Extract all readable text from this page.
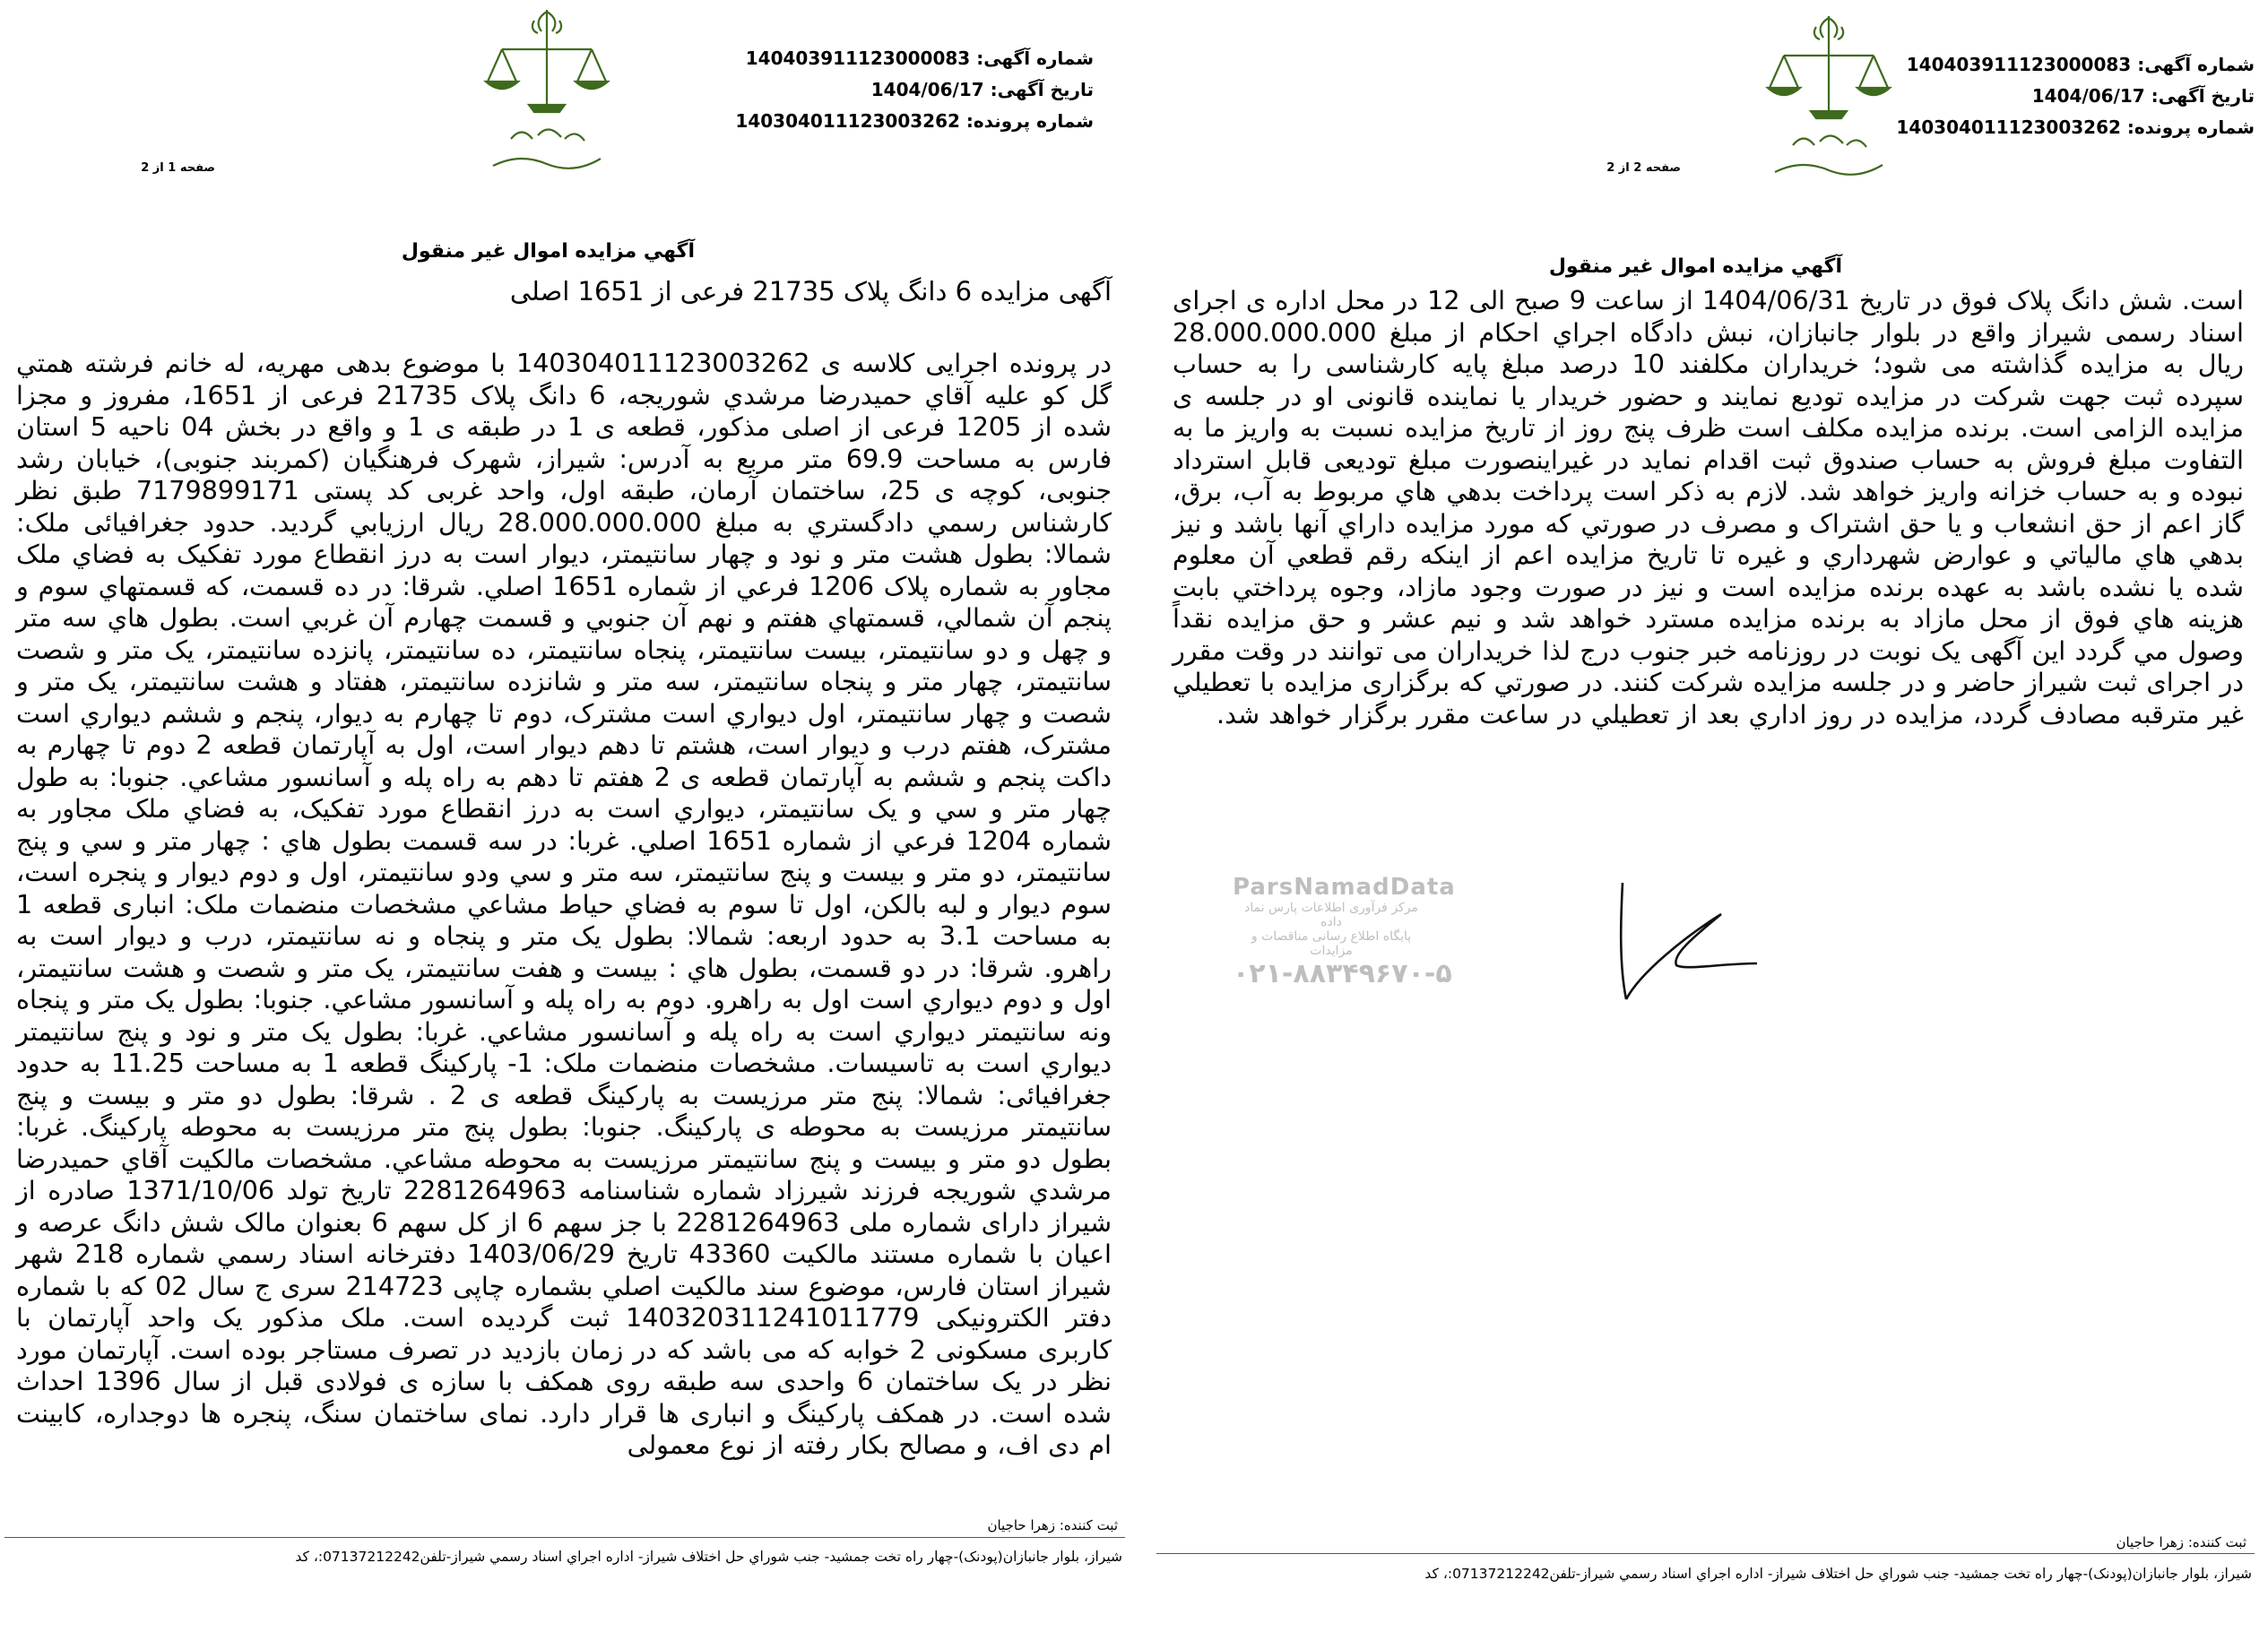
شماره آگهی: 140403911123000083
تاریخ آگهی: 1404/06/17
شماره پرونده: 140304011123003262
صفحه 2 از 2
آگهي مزايده اموال غير منقول
است. شش دانگ پلاک فوق در تاريخ 1404/06/31 از ساعت 9 صبح الی 12 در محل اداره ی اجرای اسناد رسمی شيراز واقع در بلوار جانبازان، نبش دادگاه اجراي احکام از مبلغ 28.000.000.000 ريال به مزايده گذاشته می شود؛ خريداران مکلفند 10 درصد مبلغ پايه کارشناسی را به حساب سپرده ثبت جهت شرکت در مزايده توديع نمايند و حضور خريدار يا نماينده قانونی او در جلسه ی مزايده الزامی است. برنده مزايده مکلف است ظرف پنج روز از تاريخ مزايده نسبت به واريز ما به التفاوت مبلغ فروش به حساب صندوق ثبت اقدام نمايد در غيراينصورت مبلغ توديعی قابل استرداد نبوده و به حساب خزانه واريز خواهد شد. لازم به ذکر است پرداخت بدهي هاي مربوط به آب، برق، گاز اعم از حق انشعاب و يا حق اشتراک و مصرف در صورتي که مورد مزايده داراي آنها باشد و نيز بدهي هاي مالياتي و عوارض شهرداري و غيره تا تاريخ مزايده اعم از اينکه رقم قطعي آن معلوم شده يا نشده باشد به عهده برنده مزايده است و نيز در صورت وجود مازاد، وجوه پرداختي بابت هزينه هاي فوق از محل مازاد به برنده مزايده مسترد خواهد شد و نيم عشر و حق مزايده نقداً وصول مي گردد اين آگهی يک نوبت در روزنامه خبر جنوب درج لذا خريداران می توانند در وقت مقرر در اجرای ثبت شيراز حاضر و در جلسه مزايده شرکت کنند. در صورتي که برگزاری مزايده با تعطيلي غير مترقبه مصادف گردد، مزايده در روز اداري بعد از تعطيلي در ساعت مقرر برگزار خواهد شد.
ثبت کننده: زهرا حاجیان
شيراز، بلوار جانبازان(پودنک)-چهار راه تخت جمشيد- جنب شوراي حل اختلاف شيراز- اداره اجراي اسناد رسمي شيراز-تلفن07137212242:، کد
شماره آگهی: 140403911123000083
تاریخ آگهی: 1404/06/17
شماره پرونده: 140304011123003262
صفحه 1 از 2
آگهي مزايده اموال غير منقول
آگهی مزايده 6 دانگ پلاک 21735 فرعی از 1651 اصلی
در پرونده اجرايی کلاسه ی 140304011123003262 با موضوع بدهی مهريه، له خانم فرشته همتي گل کو عليه آقاي حميدرضا مرشدي شوريجه، 6 دانگ پلاک 21735 فرعی از 1651، مفروز و مجزا شده از 1205 فرعی از اصلی مذکور، قطعه ی 1 در طبقه ی 1 و واقع در بخش 04 ناحيه 5 استان فارس به مساحت 69.9 متر مربع به آدرس: شيراز، شهرک فرهنگيان (کمربند جنوبی)، خيابان رشد جنوبی، کوچه ی 25، ساختمان آرمان، طبقه اول، واحد غربی کد پستی 7179899171 طبق نظر کارشناس رسمي دادگستري به مبلغ 28.000.000.000 ريال ارزيابي گرديد. حدود جغرافيائی ملک: شمالا: بطول هشت متر و نود و چهار سانتيمتر، ديوار است به درز انقطاع مورد تفکيک به فضاي ملک مجاور به شماره پلاک 1206 فرعي از شماره 1651 اصلي. شرقا: در ده قسمت، که قسمتهاي سوم و پنجم آن شمالي، قسمتهاي هفتم و نهم آن جنوبي و قسمت چهارم آن غربي است. بطول هاي سه متر و چهل و دو سانتيمتر، بيست سانتيمتر، پنجاه سانتيمتر، ده سانتيمتر، پانزده سانتيمتر، يک متر و شصت سانتيمتر، چهار متر و پنجاه سانتيمتر، سه متر و شانزده سانتيمتر، هفتاد و هشت سانتيمتر، يک متر و شصت و چهار سانتيمتر، اول ديواري است مشترک، دوم تا چهارم به ديوار، پنجم و ششم ديواري است مشترک، هفتم درب و ديوار است، هشتم تا دهم ديوار است، اول به آپارتمان قطعه 2 دوم تا چهارم به داکت پنجم و ششم به آپارتمان قطعه ی 2 هفتم تا دهم به راه پله و آسانسور مشاعي. جنوبا: به طول چهار متر و سي و يک سانتيمتر، ديواري است به درز انقطاع مورد تفکيک، به فضاي ملک مجاور به شماره 1204 فرعي از شماره 1651 اصلي. غربا: در سه قسمت بطول هاي : چهار متر و سي و پنج سانتيمتر، دو متر و بيست و پنج سانتيمتر، سه متر و سي ودو سانتيمتر، اول و دوم ديوار و پنجره است، سوم ديوار و لبه بالکن، اول تا سوم به فضاي حياط مشاعي مشخصات منضمات ملک: انباری قطعه 1 به مساحت 3.1 به حدود اربعه: شمالا: بطول يک متر و پنجاه و نه سانتيمتر، درب و ديوار است به راهرو. شرقا: در دو قسمت، بطول هاي : بيست و هفت سانتيمتر، يک متر و شصت و هشت سانتيمتر، اول و دوم ديواري است اول به راهرو. دوم به راه پله و آسانسور مشاعي. جنوبا: بطول يک متر و پنجاه ونه سانتيمتر ديواري است به راه پله و آسانسور مشاعي. غربا: بطول يک متر و نود و پنج سانتيمتر ديواري است به تاسيسات. مشخصات منضمات ملک: 1- پارکينگ قطعه 1 به مساحت 11.25 به حدود جغرافيائی: شمالا: پنج متر مرزيست به پارکينگ قطعه ی 2 . شرقا: بطول دو متر و بيست و پنج سانتيمتر مرزيست به محوطه ی پارکينگ. جنوبا: بطول پنج متر مرزيست به محوطه پارکينگ. غربا: بطول دو متر و بيست و پنج سانتيمتر مرزيست به محوطه مشاعي. مشخصات مالکيت آقاي حميدرضا مرشدي شوريجه فرزند شيرزاد شماره شناسنامه 2281264963 تاريخ تولد 1371/10/06 صادره از شيراز دارای شماره ملی 2281264963 با جز سهم 6 از کل سهم 6 بعنوان مالک شش دانگ عرصه و اعيان با شماره مستند مالکيت 43360 تاريخ 1403/06/29 دفترخانه اسناد رسمي شماره 218 شهر شيراز استان فارس، موضوع سند مالکيت اصلي بشماره چاپی 214723 سری ج سال 02 که با شماره دفتر الکترونيکی 140320311241011779 ثبت گرديده است. ملک مذکور يک واحد آپارتمان با کاربری مسکونی 2 خوابه که می باشد که در زمان بازديد در تصرف مستاجر بوده است. آپارتمان مورد نظر در يک ساختمان 6 واحدی سه طبقه روی همکف با سازه ی فولادی قبل از سال 1396 احداث شده است. در همکف پارکينگ و انباری ها قرار دارد. نمای ساختمان سنگ، پنجره ها دوجداره، کابينت ام دی اف، و مصالح بکار رفته از نوع معمولی
ثبت کننده: زهرا حاجیان
شيراز، بلوار جانبازان(پودنک)-چهار راه تخت جمشيد- جنب شوراي حل اختلاف شيراز- اداره اجراي اسناد رسمي شيراز-تلفن07137212242:، کد
ParsNamadData
مرکز فرآوری اطلاعات پارس نماد داده
پایگاه اطلاع رسانی مناقصات و مزایدات
۰۲۱-۸۸۳۴۹۶۷۰-۵
